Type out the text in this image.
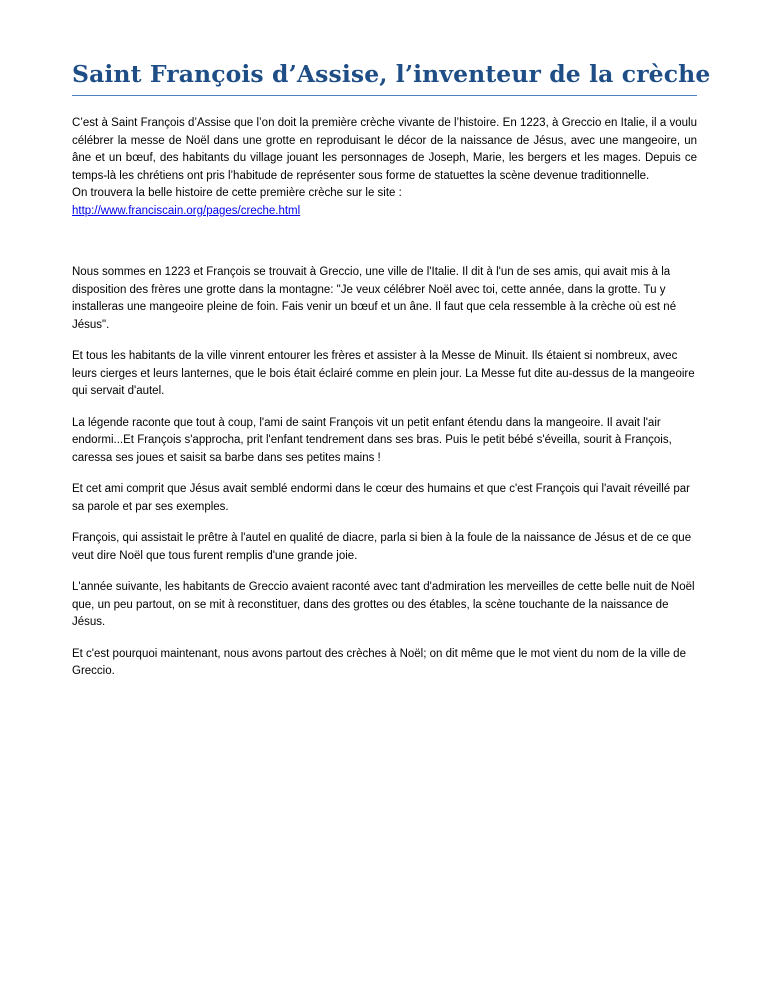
Saint François d’Assise, l’inventeur de la crèche

C’est à Saint François d’Assise que l’on doit la première crèche vivante de l’histoire. En 1223, à Greccio en Italie, il a voulu célébrer la messe de Noël dans une grotte en reproduisant le décor de la naissance de Jésus, avec une mangeoire, un âne et un bœuf, des habitants du village jouant les personnages de Joseph, Marie, les bergers et les mages. Depuis ce temps-là les chrétiens ont pris l’habitude de représenter sous forme de statuettes la scène devenue traditionnelle.

On trouvera la belle histoire de cette première crèche sur le site :

http://www.franciscain.org/pages/creche.html

Nous sommes en 1223 et François se trouvait à Greccio, une ville de l'Italie. Il dit à l'un de ses amis, qui avait mis à la disposition des frères une grotte dans la montagne: "Je veux célébrer Noël avec toi, cette année, dans la grotte. Tu y installeras une mangeoire pleine de foin. Fais venir un bœuf et un âne. Il faut que cela ressemble à la crèche où est né Jésus".

Et tous les habitants de la ville vinrent entourer les frères et assister à la Messe de Minuit. Ils étaient si nombreux, avec leurs cierges et leurs lanternes, que le bois était éclairé comme en plein jour. La Messe fut dite au-dessus de la mangeoire qui servait d'autel.

La légende raconte que tout à coup, l'ami de saint François vit un petit enfant étendu dans la mangeoire. Il avait l'air endormi...Et François s'approcha, prit l'enfant tendrement dans ses bras. Puis le petit bébé s'éveilla, sourit à François, caressa ses joues et saisit sa barbe dans ses petites mains !

Et cet ami comprit que Jésus avait semblé endormi dans le cœur des humains et que c'est François qui l'avait réveillé par sa parole et par ses exemples.

François, qui assistait le prêtre à l'autel en qualité de diacre, parla si bien à la foule de la naissance de Jésus et de ce que veut dire Noël que tous furent remplis d'une grande joie.

L'année suivante, les habitants de Greccio avaient raconté avec tant d'admiration les merveilles de cette belle nuit de Noël que, un peu partout, on se mit à reconstituer, dans des grottes ou des étables, la scène touchante de la naissance de Jésus.

Et c'est pourquoi maintenant, nous avons partout des crèches à Noël; on dit même que le mot vient du nom de la ville de Greccio.
